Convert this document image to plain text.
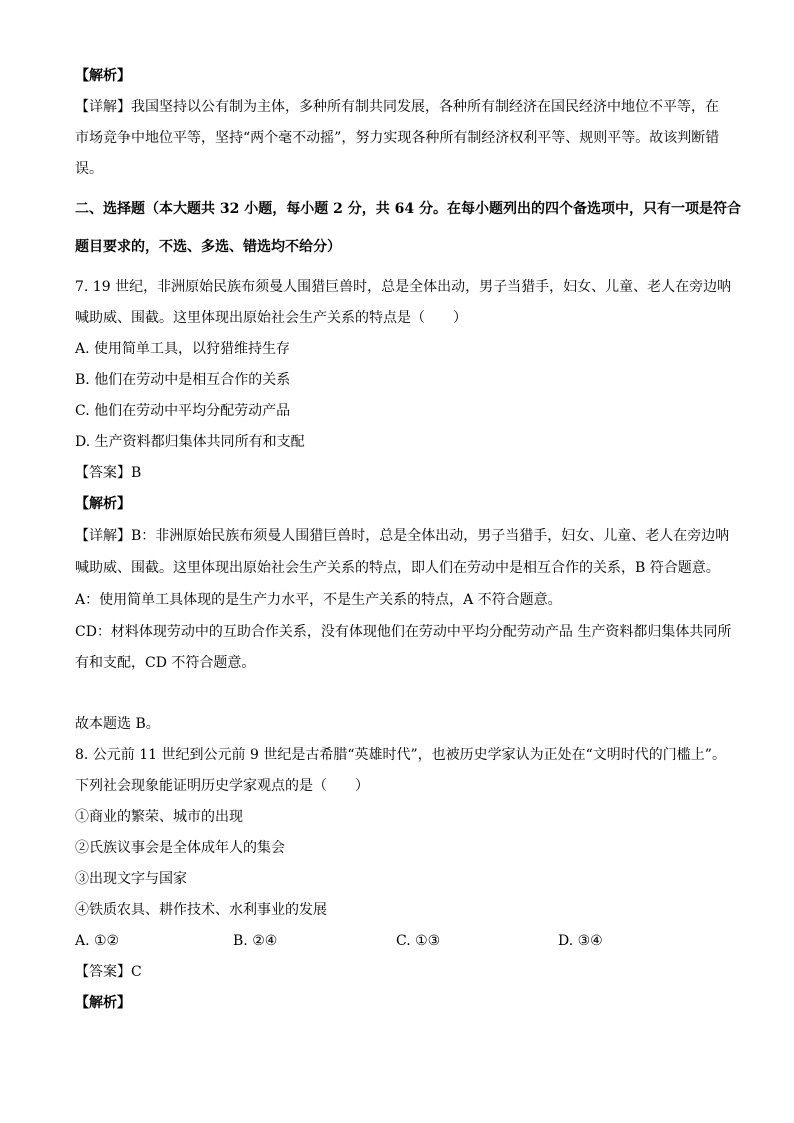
【解析】
【详解】我国坚持以公有制为主体，多种所有制共同发展，各种所有制经济在国民经济中地位不平等，在
市场竞争中地位平等，坚持“两个毫不动摇”，努力实现各种所有制经济权利平等、规则平等。故该判断错
误。
二、选择题（本大题共 32 小题，每小题 2 分，共 64 分。在每小题列出的四个备选项中，只有一项是符合
题目要求的，不选、多选、错选均不给分）
7. 19 世纪，非洲原始民族布须曼人围猎巨兽时，总是全体出动，男子当猎手，妇女、儿童、老人在旁边呐
喊助威、围截。这里体现出原始社会生产关系的特点是（　　）
A. 使用简单工具，以狩猎维持生存
B. 他们在劳动中是相互合作的关系
C. 他们在劳动中平均分配劳动产品
D. 生产资料都归集体共同所有和支配
【答案】B
【解析】
【详解】B：非洲原始民族布须曼人围猎巨兽时，总是全体出动，男子当猎手，妇女、儿童、老人在旁边呐
喊助威、围截。这里体现出原始社会生产关系的特点，即人们在劳动中是相互合作的关系，B 符合题意。
A：使用简单工具体现的是生产力水平，不是生产关系的特点，A 不符合题意。
CD：材料体现劳动中的互助合作关系，没有体现他们在劳动中平均分配劳动产品 生产资料都归集体共同所
有和支配，CD 不符合题意。
故本题选 B。
8. 公元前 11 世纪到公元前 9 世纪是古希腊“英雄时代”，也被历史学家认为正处在“文明时代的门槛上”。
下列社会现象能证明历史学家观点的是（　　）
①商业的繁荣、城市的出现
②氏族议事会是全体成年人的集会
③出现文字与国家
④铁质农具、耕作技术、水利事业的发展
A. ①②	B. ②④	C. ①③	D. ③④
【答案】C
【解析】
